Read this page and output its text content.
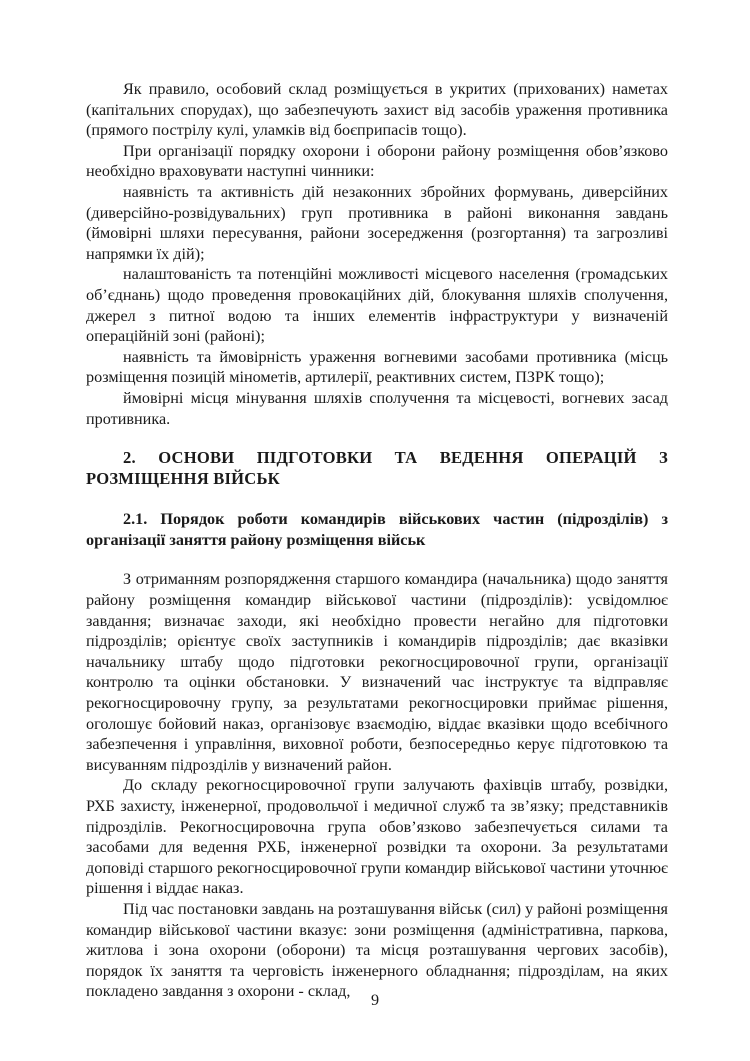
Як правило, особовий склад розміщується в укритих (прихованих) наметах (капітальних спорудах), що забезпечують захист від засобів ураження противника (прямого пострілу кулі, уламків від боєприпасів тощо).

При організації порядку охорони і оборони району розміщення обов’язково необхідно враховувати наступні чинники:

наявність та активність дій незаконних збройних формувань, диверсійних (диверсійно-розвідувальних) груп противника в районі виконання завдань (ймовірні шляхи пересування, райони зосередження (розгортання) та загрозливі напрямки їх дій);

налаштованість та потенційні можливості місцевого населення (громадських об’єднань) щодо проведення провокаційних дій, блокування шляхів сполучення, джерел з питної водою та інших елементів інфраструктури у визначеній операційній зоні (районі);

наявність та ймовірність ураження вогневими засобами противника (місць розміщення позицій мінометів, артилерії, реактивних систем, ПЗРК тощо);

ймовірні місця мінування шляхів сполучення та місцевості, вогневих засад противника.

2. ОСНОВИ ПІДГОТОВКИ ТА ВЕДЕННЯ ОПЕРАЦІЙ З РОЗМІЩЕННЯ ВІЙСЬК
2.1. Порядок роботи командирів військових частин (підрозділів) з організації заняття району розміщення військ

З отриманням розпорядження старшого командира (начальника) щодо заняття району розміщення командир військової частини (підрозділів): усвідомлює завдання; визначає заходи, які необхідно провести негайно для підготовки підрозділів; орієнтує своїх заступників і командирів підрозділів; дає вказівки начальнику штабу щодо підготовки рекогносцировочної групи, організації контролю та оцінки обстановки. У визначений час інструктує та відправляє рекогносцировочну групу, за результатами рекогносцировки приймає рішення, оголошує бойовий наказ, організовує взаємодію, віддає вказівки щодо всебічного забезпечення і управління, виховної роботи, безпосередньо керує підготовкою та висуванням підрозділів у визначений район.

До складу рекогносцировочної групи залучають фахівців штабу, розвідки, РХБ захисту, інженерної, продовольчої і медичної служб та зв’язку; представників підрозділів. Рекогносцировочна група обов’язково забезпечується силами та засобами для ведення РХБ, інженерної розвідки та охорони. За результатами доповіді старшого рекогносцировочної групи командир військової частини уточнює рішення і віддає наказ.

Під час постановки завдань на розташування військ (сил) у районі розміщення командир військової частини вказує: зони розміщення (адміністративна, паркова, житлова і зона охорони (оборони) та місця розташування чергових засобів), порядок їх заняття та черговість інженерного обладнання; підрозділам, на яких покладено завдання з охорони - склад,	9
